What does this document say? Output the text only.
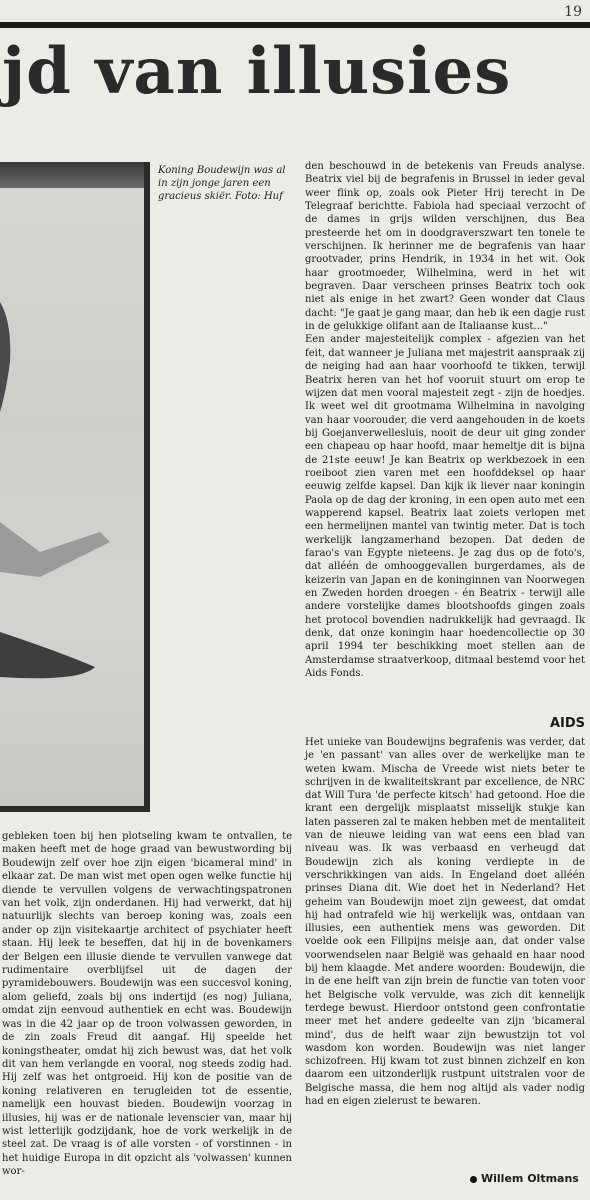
19
jd van illusies
Koning Boudewijn was al in zijn jonge jaren een gracieus skiër. Foto: Huf

den beschouwd in de betekenis van Freuds analyse. Beatrix viel bij de begrafenis in Brussel in ieder geval weer flink op, zoals ook Pieter Hrij terecht in De Telegraaf berichtte. Fabiola had speciaal verzocht of de dames in grijs wilden verschijnen, dus Bea presteerde het om in doodgraverszwart ten tonele te verschijnen. Ik herinner me de begrafenis van haar grootvader, prins Hendrik, in 1934 in het wit. Ook haar grootmoeder, Wilhelmina, werd in het wit begraven. Daar verscheen prinses Beatrix toch ook niet als enige in het zwart? Geen wonder dat Claus dacht: "Je gaat je gang maar, dan heb ik een dagje rust in de gelukkige olifant aan de Italiaanse kust..."

Een ander majesteitelijk complex - afgezien van het feit, dat wanneer je Juliana met majestrit aanspraak zij de neiging had aan haar voorhoofd te tikken, terwijl Beatrix heren van het hof vooruit stuurt om erop te wijzen dat men vooral majesteit zegt - zijn de hoedjes. Ik weet wel dit grootmama Wilhelmina in navolging van haar voorouder, die verd aangehouden in de koets bij Goejanverwellesluis, nooit de deur uit ging zonder een chapeau op haar hoofd, maar hemeltje dit is bijna de 21ste eeuw! Je kan Beatrix op werkbezoek in een roeiboot zien varen met een hoofddeksel op haar eeuwig zelfde kapsel. Dan kijk ik liever naar koningin Paola op de dag der kroning, in een open auto met een wapperend kapsel. Beatrix laat zoiets verlopen met een hermelijnen mantel van twintig meter. Dat is toch werkelijk langzamerhand bezopen. Dat deden de farao's van Egypte nieteens. Je zag dus op de foto's, dat alléén de omhooggevallen burgerdames, als de keizerin van Japan en de koninginnen van Noorwegen en Zweden horden droegen - én Beatrix - terwijl alle andere vorstelijke dames blootshoofds gingen zoals het protocol bovendien nadrukkelijk had gevraagd. Ik denk, dat onze koningin haar hoedencollectie op 30 april 1994 ter beschikking moet stellen aan de Amsterdamse straatverkoop, ditmaal bestemd voor het Aids Fonds.

AIDS

Het unieke van Boudewijns begrafenis was verder, dat je 'en passant' van alles over de werkelijke man te weten kwam. Mischa de Vreede wist niets beter te schrijven in de kwaliteitskrant par excellence, de NRC dat Will Tura 'de perfecte kitsch' had getoond. Hoe die krant een dergelijk misplaatst misselijk stukje kan laten passeren zal te maken hebben met de mentaliteit van de nieuwe leiding van wat eens een blad van niveau was. Ik was verbaasd en verheugd dat Boudewijn zich als koning verdiepte in de verschrikkingen van aids. In Engeland doet alléén prinses Diana dit. Wie doet het in Nederland? Het geheim van Boudewijn moet zijn geweest, dat omdat hij had ontrafeld wie hij werkelijk was, ontdaan van illusies, een authentiek mens was geworden. Dit voelde ook een Filipijns meisje aan, dat onder valse voorwendselen naar België was gehaald en haar nood bij hem klaagde. Met andere woorden: Boudewijn, die in de ene helft van zijn brein de functie van toten voor het Belgische volk vervulde, was zich dit kennelijk terdege bewust. Hierdoor ontstond geen confrontatie meer met het andere gedeelte van zijn 'bicameral mind', dus de helft waar zijn bewustzijn tot vol wasdom kon worden. Boudewijn was niet langer schizofreen. Hij kwam tot zust binnen zichzelf en kon daarom een uitzonderlijk rustpunt uitstralen voor de Belgische massa, die hem nog altijd als vader nodig had en eigen zielerust te bewaren.

gebleken toen bij hen plotseling kwam te ontvallen, te maken heeft met de hoge graad van bewustwording bij Boudewijn zelf over hoe zijn eigen 'bicameral mind' in elkaar zat. De man wist met open ogen welke functie hij diende te vervullen volgens de verwachtingspatronen van het volk, zijn onderdanen. Hij had verwerkt, dat hij natuurlijk slechts van beroep koning was, zoals een ander op zijn visitekaartje architect of psychiater heeft staan. Hij leek te beseffen, dat hij in de bovenkamers der Belgen een illusie diende te vervullen vanwege dat rudimentaire overblijfsel uit de dagen der pyramidebouwers. Boudewijn was een succesvol koning, alom geliefd, zoals bij ons indertijd (es nog) Juliana, omdat zijn eenvoud authentiek en echt was. Boudewijn was in die 42 jaar op de troon volwassen geworden, in de zin zoals Freud dit aangaf. Hij speelde het koningstheater, omdat hij zich bewust was, dat het volk dit van hem verlangde en vooral, nog steeds zodig had. Hij zelf was het ontgroeid. Hij kon de positie van de koning relativeren en terugleiden tot de essentie, namelijk een houvast bieden. Boudewijn voorzag in illusies, hij was er de nationale levenscier van, maar hij wist letterlijk godzijdank, hoe de vork werkelijk in de steel zat. De vraag is of alle vorsten - of vorstinnen - in het huidige Europa in dit opzicht als 'volwassen' kunnen wor-

Willem Oltmans
